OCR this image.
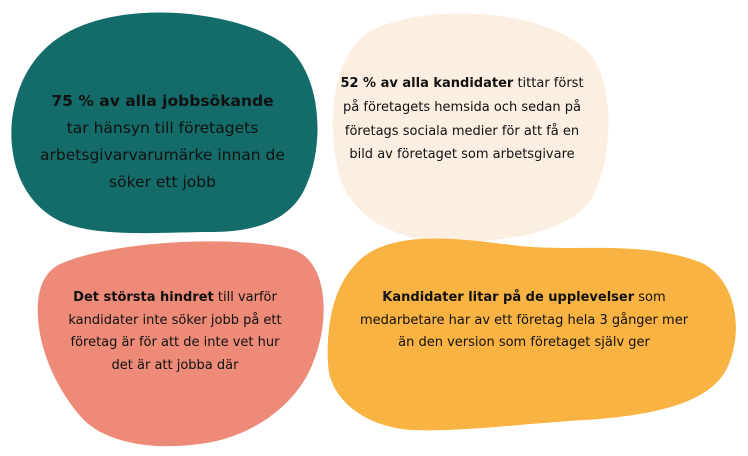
75 % av alla jobbsökande
tar hänsyn till företagets arbetsgivarvarumärke innan de söker ett jobb
52 % av alla kandidater tittar först på företagets hemsida och sedan på företags sociala medier för att få en bild av företaget som arbetsgivare
Det största hindret till varför kandidater inte söker jobb på ett företag är för att de inte vet hur det är att jobba där
Kandidater litar på de upplevelser som medarbetare har av ett företag hela 3 gånger mer än den version som företaget själv ger
